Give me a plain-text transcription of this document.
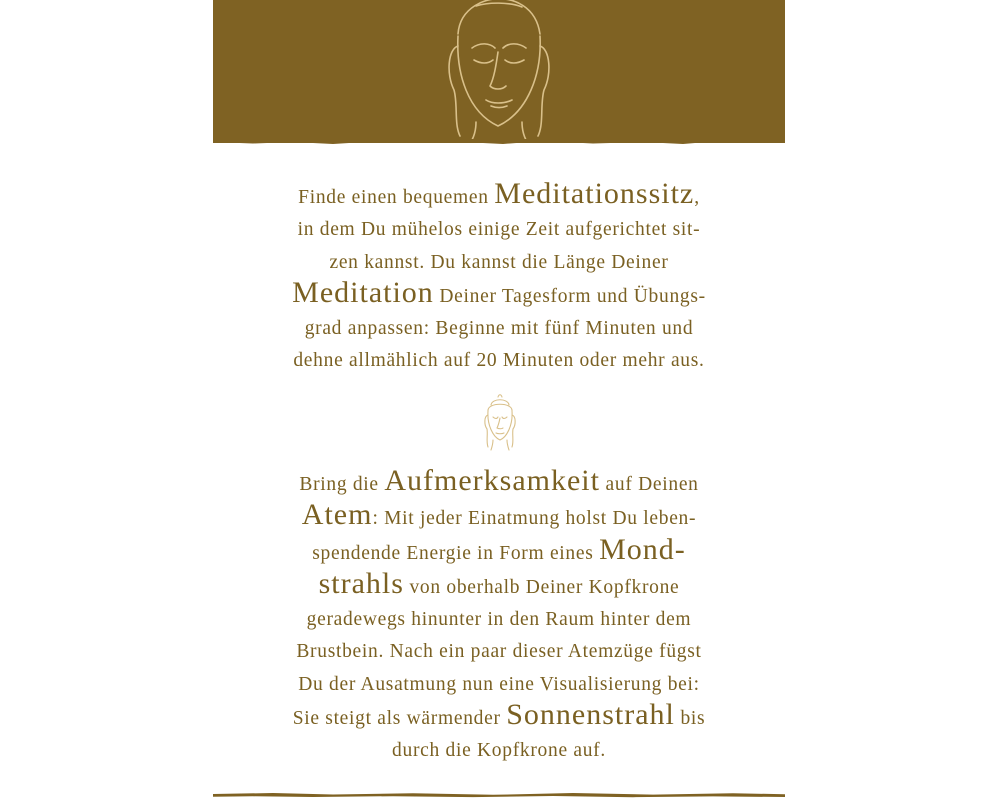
Finde einen bequemen Meditationssitz,
in dem Du mühelos einige Zeit aufgerichtet sit-
zen kannst. Du kannst die Länge Deiner
Meditation Deiner Tagesform und Übungs-
grad anpassen: Beginne mit fünf Minuten und
dehne allmählich auf 20 Minuten oder mehr aus.
Bring die Aufmerksamkeit auf Deinen
Atem: Mit jeder Einatmung holst Du leben-
spendende Energie in Form eines Mond-
strahls von oberhalb Deiner Kopfkrone
geradewegs hinunter in den Raum hinter dem
Brustbein. Nach ein paar dieser Atemzüge fügst
Du der Ausatmung nun eine Visualisierung bei:
Sie steigt als wärmender Sonnenstrahl bis
durch die Kopfkrone auf.
